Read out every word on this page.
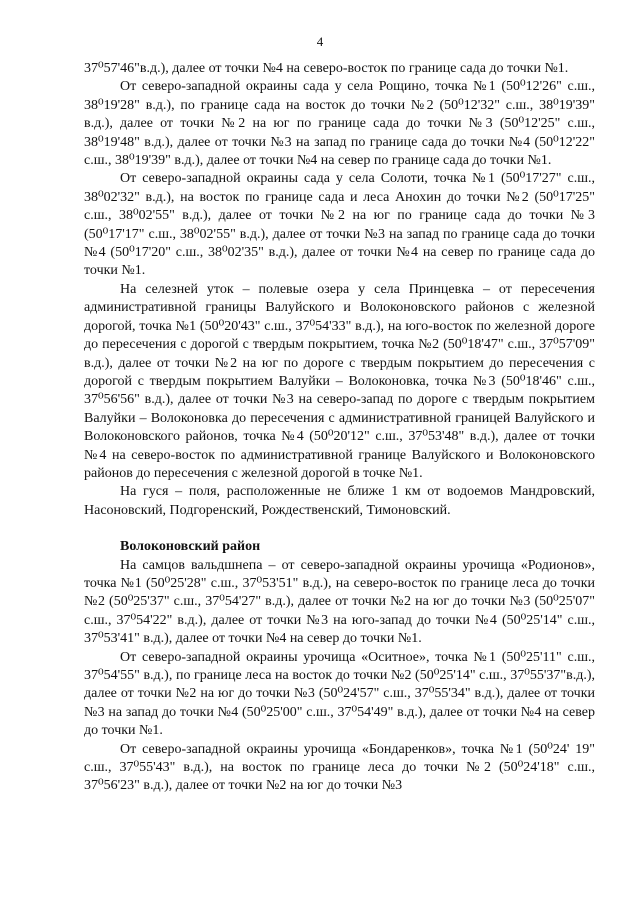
4

37⁰57'46"в.д.), далее от точки №4 на северо-восток по границе сада до точки №1.

От северо-западной окраины сада у села Рощино, точка №1 (50⁰12'26" с.ш., 38⁰19'28" в.д.), по границе сада на восток до точки №2 (50⁰12'32" с.ш., 38⁰19'39" в.д.), далее от точки №2 на юг по границе сада до точки №3 (50⁰12'25" с.ш., 38⁰19'48" в.д.), далее от точки №3 на запад по границе сада до точки №4 (50⁰12'22" с.ш., 38⁰19'39" в.д.), далее от точки №4 на север по границе сада до точки №1.

От северо-западной окраины сада у села Солоти, точка №1 (50⁰17'27" с.ш., 38⁰02'32" в.д.), на восток по границе сада и леса Анохин до точки №2 (50⁰17'25" с.ш., 38⁰02'55" в.д.), далее от точки №2 на юг по границе сада до точки №3 (50⁰17'17" с.ш., 38⁰02'55" в.д.), далее от точки №3 на запад по границе сада до точки №4 (50⁰17'20" с.ш., 38⁰02'35" в.д.), далее от точки №4 на север по границе сада до точки №1.

На селезней уток – полевые озера у села Принцевка – от пересечения административной границы Валуйского и Волоконовского районов с железной дорогой, точка №1 (50⁰20'43" с.ш., 37⁰54'33" в.д.), на юго-восток по железной дороге до пересечения с дорогой с твердым покрытием, точка №2 (50⁰18'47" с.ш., 37⁰57'09" в.д.), далее от точки №2 на юг по дороге с твердым покрытием до пересечения с дорогой с твердым покрытием Валуйки – Волоконовка, точка №3 (50⁰18'46" с.ш., 37⁰56'56" в.д.), далее от точки №3 на северо-запад по дороге с твердым покрытием Валуйки – Волоконовка до пересечения с административной границей Валуйского и Волоконовского районов, точка №4 (50⁰20'12" с.ш., 37⁰53'48" в.д.), далее от точки №4 на северо-восток по административной границе Валуйского и Волоконовского районов до пересечения с железной дорогой в точке №1.

На гуся – поля, расположенные не ближе 1 км от водоемов Мандровский, Насоновский, Подгоренский, Рождественский, Тимоновский.

Волоконовский район

На самцов вальдшнепа – от северо-западной окраины урочища «Родионов», точка №1 (50⁰25'28" с.ш., 37⁰53'51" в.д.), на северо-восток по границе леса до точки №2 (50⁰25'37" с.ш., 37⁰54'27" в.д.), далее от точки №2 на юг до точки №3 (50⁰25'07" с.ш., 37⁰54'22" в.д.), далее от точки №3 на юго-запад до точки №4 (50⁰25'14" с.ш., 37⁰53'41" в.д.), далее от точки №4 на север до точки №1.

От северо-западной окраины урочища «Оситное», точка №1 (50⁰25'11" с.ш., 37⁰54'55" в.д.), по границе леса на восток до точки №2 (50⁰25'14" с.ш., 37⁰55'37"в.д.), далее от точки №2 на юг до точки №3 (50⁰24'57" с.ш., 37⁰55'34" в.д.), далее от точки №3 на запад до точки №4 (50⁰25'00" с.ш., 37⁰54'49" в.д.), далее от точки №4 на север до точки №1.

От северо-западной окраины урочища «Бондаренков», точка №1 (50⁰24' 19" с.ш., 37⁰55'43" в.д.), на восток по границе леса до точки №2 (50⁰24'18" с.ш., 37⁰56'23" в.д.), далее от точки №2 на юг до точки №3
